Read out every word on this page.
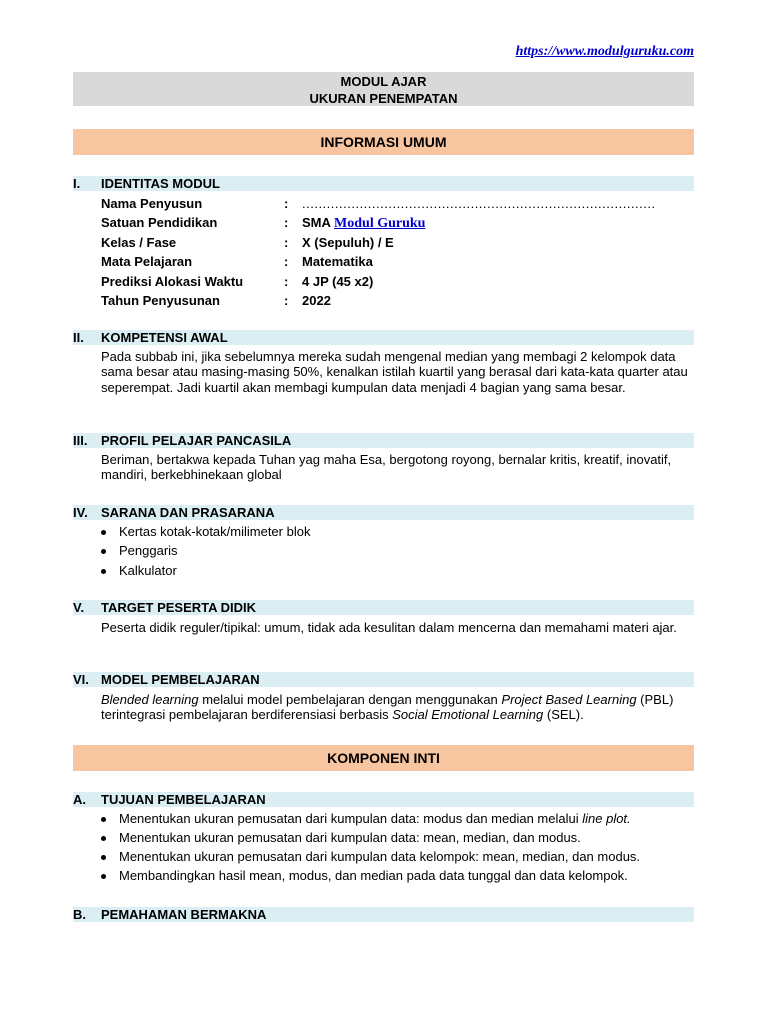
https://www.modulguruku.com
MODUL AJAR
UKURAN PENEMPATAN
INFORMASI UMUM
I. IDENTITAS MODUL
Nama Penyusun	:	......................................................................................
Satuan Pendidikan	:	SMA Modul Guruku
Kelas / Fase	:	X (Sepuluh) / E
Mata Pelajaran	:	Matematika
Prediksi Alokasi Waktu	:	4 JP (45 x2)
Tahun Penyusunan	:	2022
II. KOMPETENSI AWAL
Pada subbab ini, jika sebelumnya mereka sudah mengenal median yang membagi 2 kelompok data sama besar atau masing-masing 50%, kenalkan istilah kuartil yang berasal dari kata-kata quarter atau seperempat. Jadi kuartil akan membagi kumpulan data menjadi 4 bagian yang sama besar.
III. PROFIL PELAJAR PANCASILA
Beriman, bertakwa kepada Tuhan yag maha Esa, bergotong royong, bernalar kritis, kreatif, inovatif, mandiri, berkebhinekaan global
IV. SARANA DAN PRASARANA
Kertas kotak-kotak/milimeter blok
Penggaris
Kalkulator
V. TARGET PESERTA DIDIK
Peserta didik reguler/tipikal: umum, tidak ada kesulitan dalam mencerna dan memahami materi ajar.
VI. MODEL PEMBELAJARAN
Blended learning melalui model pembelajaran dengan menggunakan Project Based Learning (PBL) terintegrasi pembelajaran berdiferensiasi berbasis Social Emotional Learning (SEL).
KOMPONEN INTI
A. TUJUAN PEMBELAJARAN
Menentukan ukuran pemusatan dari kumpulan data: modus dan median melalui line plot.
Menentukan ukuran pemusatan dari kumpulan data: mean, median, dan modus.
Menentukan ukuran pemusatan dari kumpulan data kelompok: mean, median, dan modus.
Membandingkan hasil mean, modus, dan median pada data tunggal dan data kelompok.
B. PEMAHAMAN BERMAKNA
